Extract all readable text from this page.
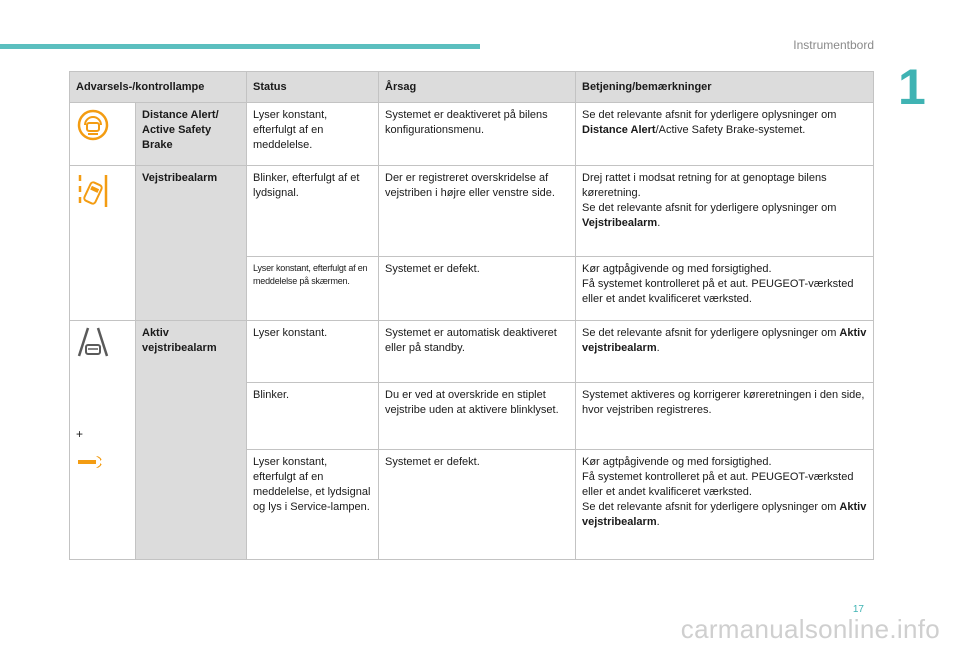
Instrumentbord
1
Advarsels-/kontrollampe		Status	Årsag	Betjening/bemærkninger
	Distance Alert/ Active Safety Brake	Lyser konstant, efterfulgt af en meddelelse.	Systemet er deaktiveret på bilens konfigurationsmenu.	Se det relevante afsnit for yderligere oplysninger om Distance Alert/Active Safety Brake-systemet.
	Vejstribealarm	Blinker, efterfulgt af et lydsignal.	Der er registreret overskridelse af vejstriben i højre eller venstre side.	Drej rattet i modsat retning for at genoptage bilens køreretning.
Se det relevante afsnit for yderligere oplysninger om Vejstribealarm.
		Lyser konstant, efterfulgt af en meddelelse på skærmen.	Systemet er defekt.	Kør agtpågivende og med forsigtighed.
Få systemet kontrolleret på et aut. PEUGEOT-værksted eller et andet kvalificeret værksted.

+	Aktiv vejstribealarm	Lyser konstant.	Systemet er automatisk deaktiveret eller på standby.	Se det relevante afsnit for yderligere oplysninger om Aktiv vejstribealarm.
		Blinker.	Du er ved at overskride en stiplet vejstribe uden at aktivere blinklyset.	Systemet aktiveres og korrigerer køreretningen i den side, hvor vejstriben registreres.
		Lyser konstant, efterfulgt af en meddelelse, et lydsignal og lys i Service-lampen.	Systemet er defekt.	Kør agtpågivende og med forsigtighed.
Få systemet kontrolleret på et aut. PEUGEOT-værksted eller et andet kvalificeret værksted.
Se det relevante afsnit for yderligere oplysninger om Aktiv vejstribealarm.
17
carmanualsonline.info
